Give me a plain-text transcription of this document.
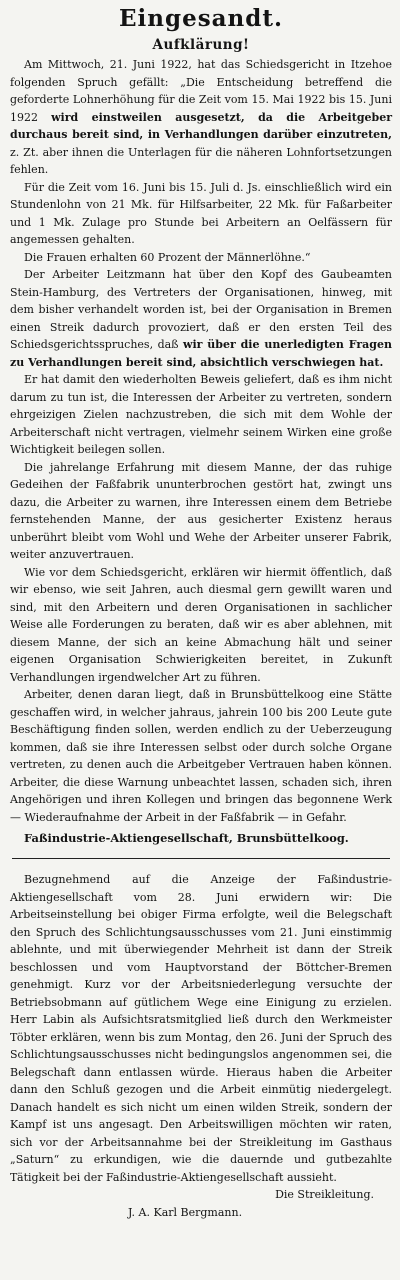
Eingesandt.
Aufklärung!

Am Mittwoch, 21. Juni 1922, hat das Schiedsgericht in Itzehoe folgenden Spruch gefällt: „Die Entscheidung betreffend die geforderte Lohnerhöhung für die Zeit vom 15. Mai 1922 bis 15. Juni 1922 wird einstweilen ausgesetzt, da die Arbeitgeber durchaus bereit sind, in Verhandlungen darüber einzutreten, z. Zt. aber ihnen die Unterlagen für die näheren Lohnfortsetzungen fehlen.

Für die Zeit vom 16. Juni bis 15. Juli d. Js. einschließlich wird ein Stundenlohn von 21 Mk. für Hilfsarbeiter, 22 Mk. für Faßarbeiter und 1 Mk. Zulage pro Stunde bei Arbeitern an Oelfässern für angemessen gehalten.

Die Frauen erhalten 60 Prozent der Männerlöhne.“

Der Arbeiter Leitzmann hat über den Kopf des Gaubeamten Stein-Hamburg, des Vertreters der Organisationen, hinweg, mit dem bisher verhandelt worden ist, bei der Organisation in Bremen einen Streik dadurch provoziert, daß er den ersten Teil des Schiedsgerichtsspruches, daß wir über die unerledigten Fragen zu Verhandlungen bereit sind, absichtlich verschwiegen hat.

Er hat damit den wiederholten Beweis geliefert, daß es ihm nicht darum zu tun ist, die Interessen der Arbeiter zu vertreten, sondern ehrgeizigen Zielen nachzustreben, die sich mit dem Wohle der Arbeiterschaft nicht vertragen, vielmehr seinem Wirken eine große Wichtigkeit beilegen sollen.

Die jahrelange Erfahrung mit diesem Manne, der das ruhige Gedeihen der Faßfabrik ununterbrochen gestört hat, zwingt uns dazu, die Arbeiter zu warnen, ihre Interessen einem dem Betriebe fernstehenden Manne, der aus gesicherter Existenz heraus unberührt bleibt vom Wohl und Wehe der Arbeiter unserer Fabrik, weiter anzuvertrauen.

Wie vor dem Schiedsgericht, erklären wir hiermit öffentlich, daß wir ebenso, wie seit Jahren, auch diesmal gern gewillt waren und sind, mit den Arbeitern und deren Organisationen in sachlicher Weise alle Forderungen zu beraten, daß wir es aber ablehnen, mit diesem Manne, der sich an keine Abmachung hält und seiner eigenen Organisation Schwierigkeiten bereitet, in Zukunft Verhandlungen irgendwelcher Art zu führen.

Arbeiter, denen daran liegt, daß in Brunsbüttelkoog eine Stätte geschaffen wird, in welcher jahraus, jahrein 100 bis 200 Leute gute Beschäftigung finden sollen, werden endlich zu der Ueberzeugung kommen, daß sie ihre Interessen selbst oder durch solche Organe vertreten, zu denen auch die Arbeitgeber Vertrauen haben können. Arbeiter, die diese Warnung unbeachtet lassen, schaden sich, ihren Angehörigen und ihren Kollegen und bringen das begonnene Werk — Wiederaufnahme der Arbeit in der Faßfabrik — in Gefahr.

Faßindustrie-Aktiengesellschaft, Brunsbüttelkoog.

Bezugnehmend auf die Anzeige der Faßindustrie-Aktiengesellschaft vom 28. Juni erwidern wir: Die Arbeitseinstellung bei obiger Firma erfolgte, weil die Belegschaft den Spruch des Schlichtungsausschusses vom 21. Juni einstimmig ablehnte, und mit überwiegender Mehrheit ist dann der Streik beschlossen und vom Hauptvorstand der Böttcher-Bremen genehmigt. Kurz vor der Arbeitsniederlegung versuchte der Betriebsobmann auf gütlichem Wege eine Einigung zu erzielen. Herr Labin als Aufsichtsratsmitglied ließ durch den Werkmeister Töbter erklären, wenn bis zum Montag, den 26. Juni der Spruch des Schlichtungsausschusses nicht bedingungslos angenommen sei, die Belegschaft dann entlassen würde. Hieraus haben die Arbeiter dann den Schluß gezogen und die Arbeit einmütig niedergelegt. Danach handelt es sich nicht um einen wilden Streik, sondern der Kampf ist uns angesagt. Den Arbeitswilligen möchten wir raten, sich vor der Arbeitsannahme bei der Streikleitung im Gasthaus „Saturn“ zu erkundigen, wie die dauernde und gutbezahlte Tätigkeit bei der Faßindustrie-Aktiengesellschaft aussieht.

Die Streikleitung.

J. A. Karl Bergmann.
